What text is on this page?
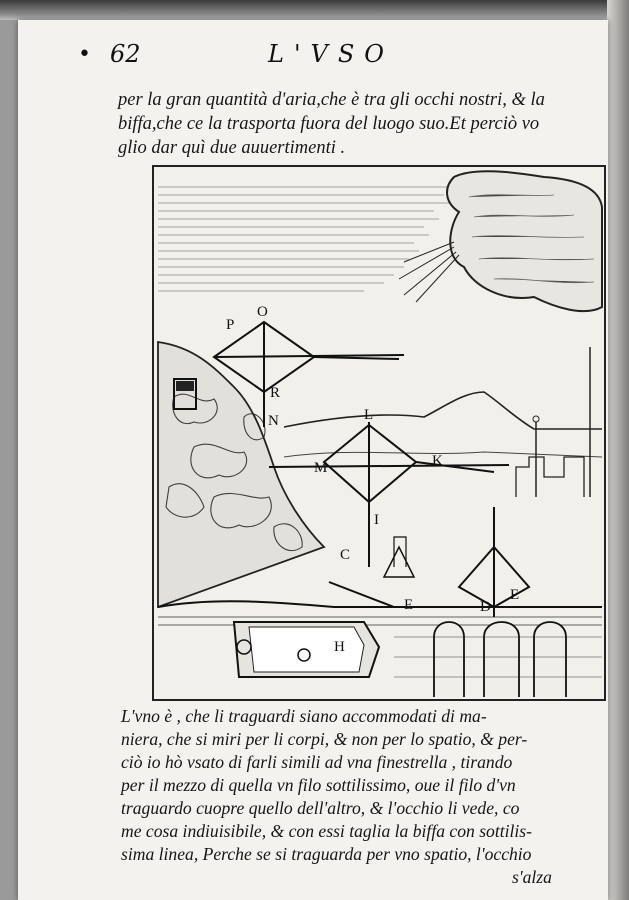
• 62	L'VSO
per la gran quantità d'aria,che è tra gli occhi nostri, & la
biffa,che ce la trasporta fuora del luogo suo.Et perciò vo
glio dar quì due auuertimenti .
P
O
R
N	L
M	K
I
C
E
E
D
H
L'vno è , che li traguardi siano accommodati di ma-
niera, che si miri per li corpi, & non per lo spatio, & per-
ciò io hò vsato di farli simili ad vna finestrella , tirando
per il mezzo di quella vn filo sottilissimo, oue il filo d'vn
traguardo cuopre quello dell'altro, & l'occhio li vede, co
me cosa indiuisibile, & con essi taglia la biffa con sottilis-
sima linea, Perche se si traguarda per vno spatio, l'occhio
s'alza
